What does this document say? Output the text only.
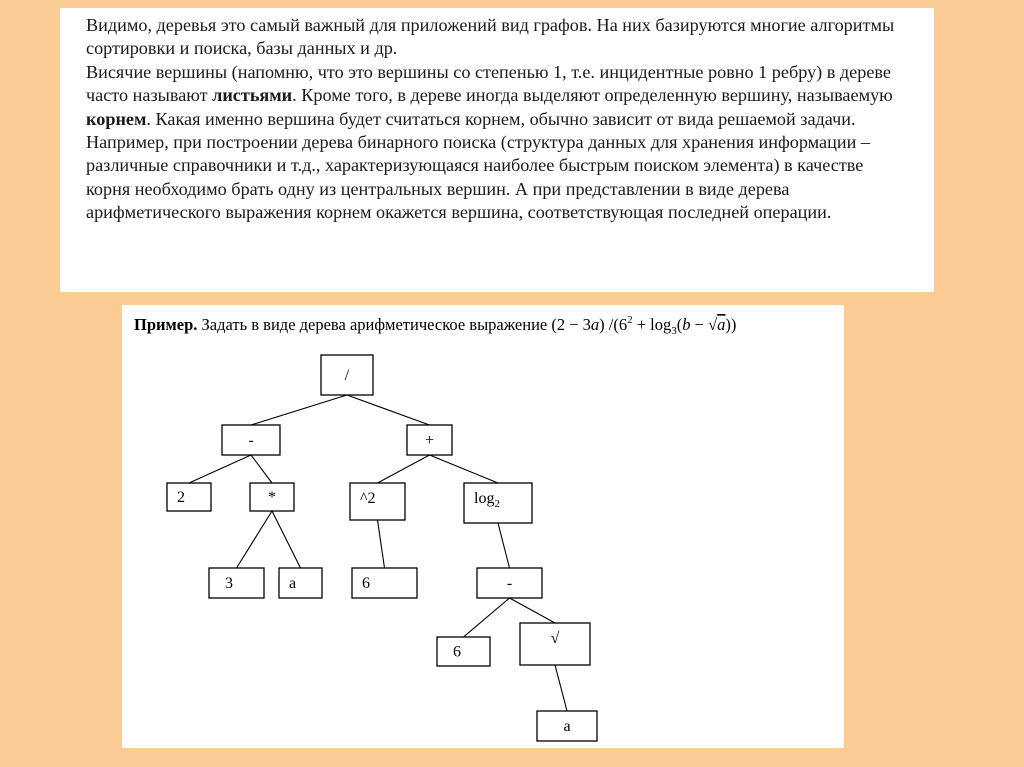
Видимо, деревья это самый важный для приложений вид графов. На них базируются многие алгоритмы сортировки и поиска, базы данных и др.

Висячие вершины (напомню, что это вершины со степенью 1, т.е. инцидентные ровно 1 ребру) в дереве часто называют листьями. Кроме того, в дереве иногда выделяют определенную вершину, называемую корнем. Какая именно вершина будет считаться корнем, обычно зависит от вида решаемой задачи. Например, при построении дерева бинарного поиска (структура данных для хранения информации – различные справочники и т.д., характеризующаяся наиболее быстрым поиском элемента) в качестве корня необходимо брать одну из центральных вершин. А при представлении в виде дерева арифметического выражения корнем окажется вершина, соответствующая последней операции.

Пример. Задать в виде дерева арифметическое выражение (2 − 3a) $/(6^2 + \log_3(b - √a))$
/
-	+
2	*	^2	$\log_2$
3	a	6	-
6
√
a
